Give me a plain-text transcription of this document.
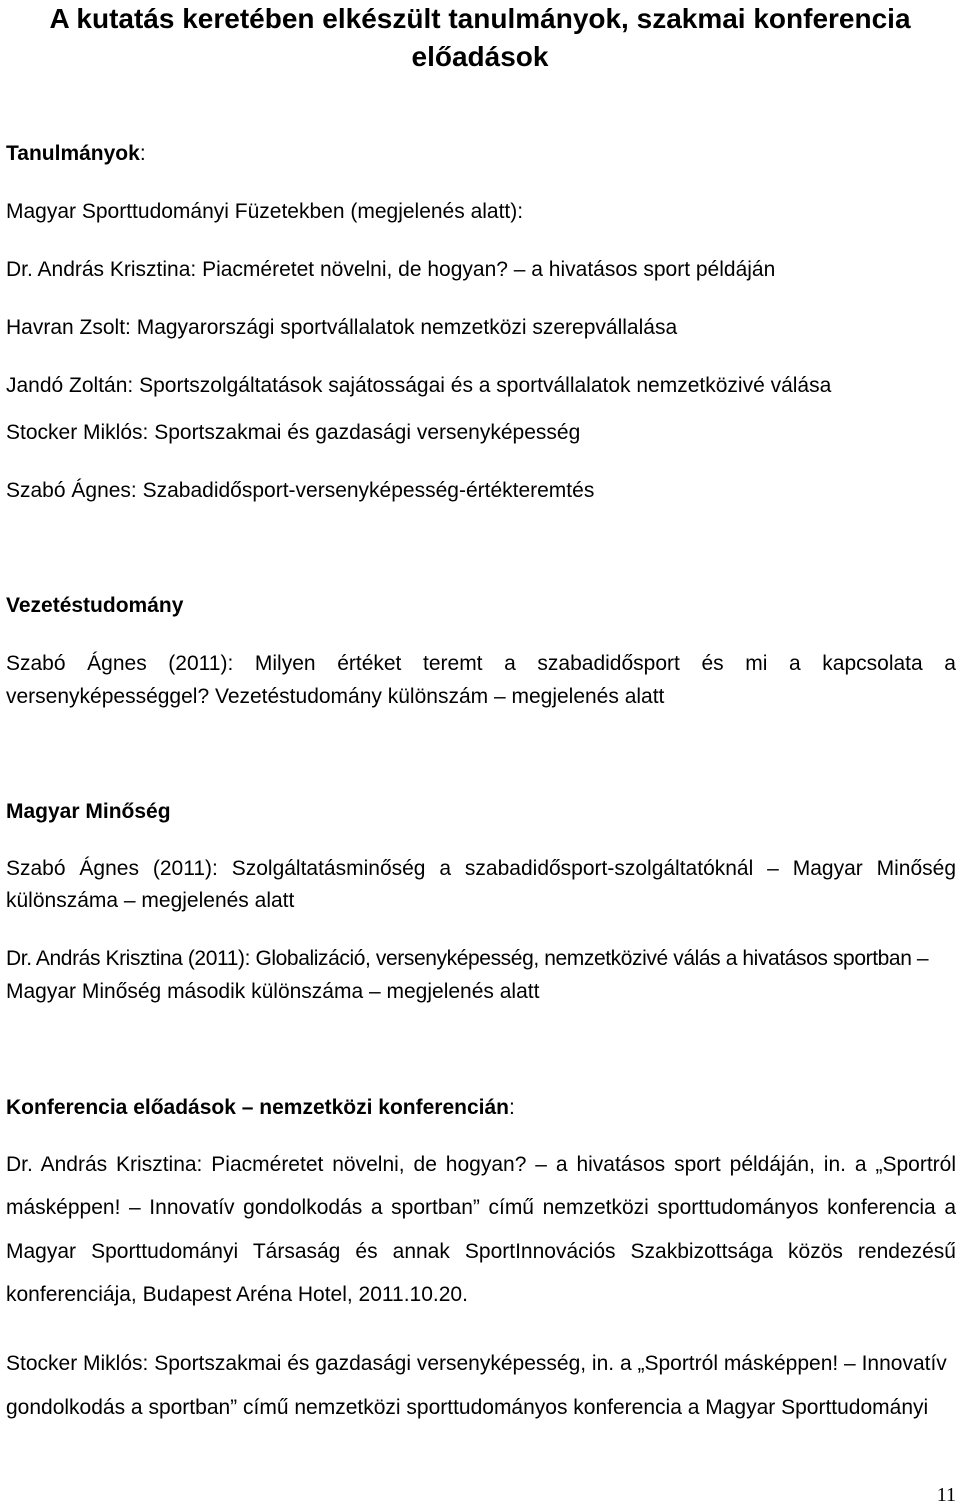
A kutatás keretében elkészült tanulmányok, szakmai konferencia előadások
Tanulmányok:
Magyar Sporttudományi Füzetekben (megjelenés alatt):
Dr. András Krisztina: Piacméretet növelni, de hogyan? – a hivatásos sport példáján
Havran Zsolt: Magyarországi sportvállalatok nemzetközi szerepvállalása
Jandó Zoltán: Sportszolgáltatások sajátosságai és a sportvállalatok nemzetközivé válása
Stocker Miklós: Sportszakmai és gazdasági versenyképesség
Szabó Ágnes: Szabadidősport-versenyképesség-értékteremtés
Vezetéstudomány
Szabó Ágnes (2011): Milyen értéket teremt a szabadidősport és mi a kapcsolata a
versenyképességgel? Vezetéstudomány különszám – megjelenés alatt
Magyar Minőség
Szabó Ágnes (2011): Szolgáltatásminőség a szabadidősport-szolgáltatóknál – Magyar Minőség
különszáma – megjelenés alatt
Dr. András Krisztina (2011): Globalizáció, versenyképesség, nemzetközivé válás a hivatásos sportban –
Magyar Minőség második különszáma – megjelenés alatt
Konferencia előadások – nemzetközi konferencián:
Dr. András Krisztina: Piacméretet növelni, de hogyan? – a hivatásos sport példáján, in. a „Sportról
másképpen! – Innovatív gondolkodás a sportban” című nemzetközi sporttudományos konferencia a
Magyar Sporttudományi Társaság és annak SportInnovációs Szakbizottsága közös rendezésű
konferenciája, Budapest Aréna Hotel, 2011.10.20.
Stocker Miklós: Sportszakmai és gazdasági versenyképesség, in. a „Sportról másképpen! – Innovatív
gondolkodás a sportban” című nemzetközi sporttudományos konferencia a Magyar Sporttudományi
11
